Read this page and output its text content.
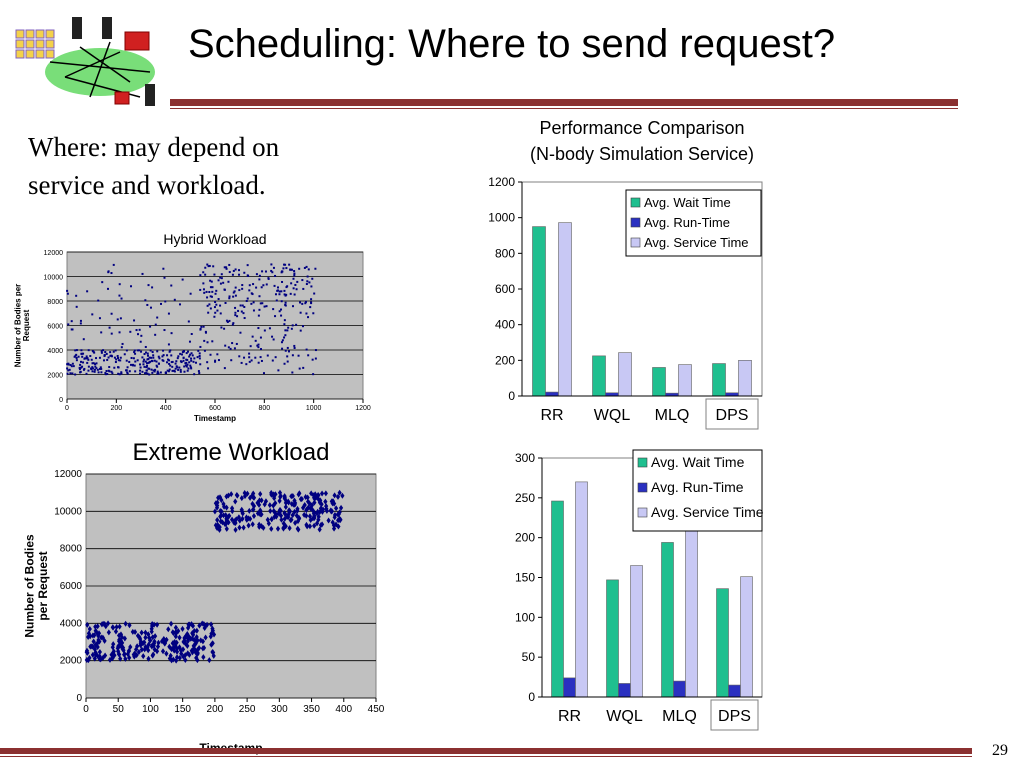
Scheduling: Where to send request?
Where: may depend on service and workload.
Hybrid Workload
0
2000
4000
6000
8000
10000
12000
0	200	400	600	800	1000	1200
Timestamp
Number of Bodies perRequest
Extreme Workload
0
2000
4000
6000
8000
10000
12000
0 50 100 150 200 250 300 350 400 450
Number of Bodiesper Request
Performance Comparison
(N-body Simulation Service)
0
200
400
600
800
1000
1200
RR WQL MLQ DPS
Avg. Wait Time
Avg. Run-Time
Avg. Service Time
0
50
100
150
200
250
300
RR WQL MLQ DPS
Avg. Wait Time
Avg. Run-Time
Avg. Service Time
29
